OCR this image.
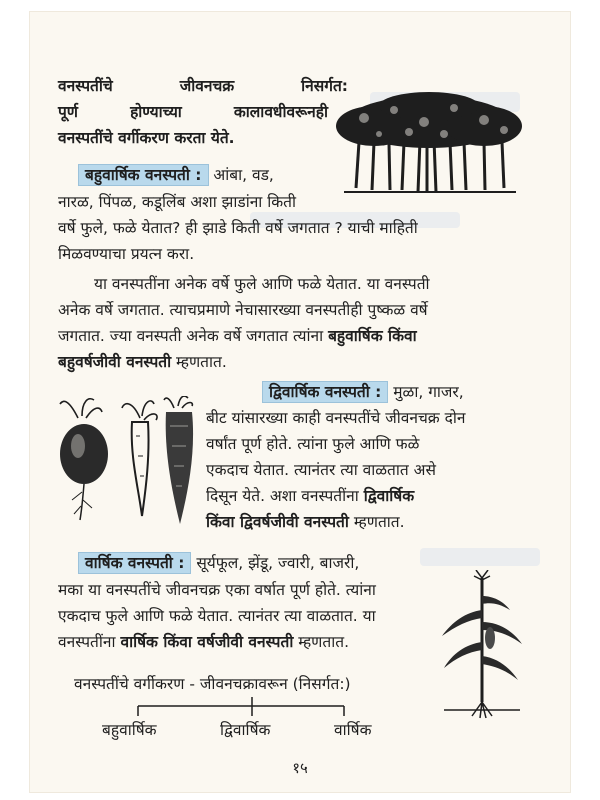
वनस्पतींचे	जीवनचक्र	निसर्गत:
पूर्ण	होण्याच्या	कालावधीवरूनही
वनस्पतींचे वर्गीकरण करता येते.
बहुवार्षिक वनस्पती : आंबा, वड,
नारळ, पिंपळ, कडूलिंब अशा झाडांना किती
वर्षे फुले, फळे येतात? ही झाडे किती वर्षे जगतात ? याची माहिती
मिळवण्याचा प्रयत्न करा.
या वनस्पतींना अनेक वर्षे फुले आणि फळे येतात. या वनस्पती
अनेक वर्षे जगतात. त्याचप्रमाणे नेचासारख्या वनस्पतीही पुष्कळ वर्षे
जगतात. ज्या वनस्पती अनेक वर्षे जगतात त्यांना बहुवार्षिक किंवा
बहुवर्षजीवी वनस्पती म्हणतात.
द्विवार्षिक वनस्पती : मुळा, गाजर,
बीट यांसारख्या काही वनस्पतींचे जीवनचक्र दोन
वर्षांत पूर्ण होते. त्यांना फुले आणि फळे
एकदाच येतात. त्यानंतर त्या वाळतात असे
दिसून येते. अशा वनस्पतींना द्विवार्षिक
किंवा द्विवर्षजीवी वनस्पती म्हणतात.
वार्षिक वनस्पती : सूर्यफूल, झेंडू, ज्वारी, बाजरी,
मका या वनस्पतींचे जीवनचक्र एका वर्षात पूर्ण होते. त्यांना
एकदाच फुले आणि फळे येतात. त्यानंतर त्या वाळतात. या
वनस्पतींना वार्षिक किंवा वर्षजीवी वनस्पती म्हणतात.
वनस्पतींचे वर्गीकरण - जीवनचक्रावरून (निसर्गत:)
बहुवार्षिक	द्विवार्षिक	वार्षिक
१५
